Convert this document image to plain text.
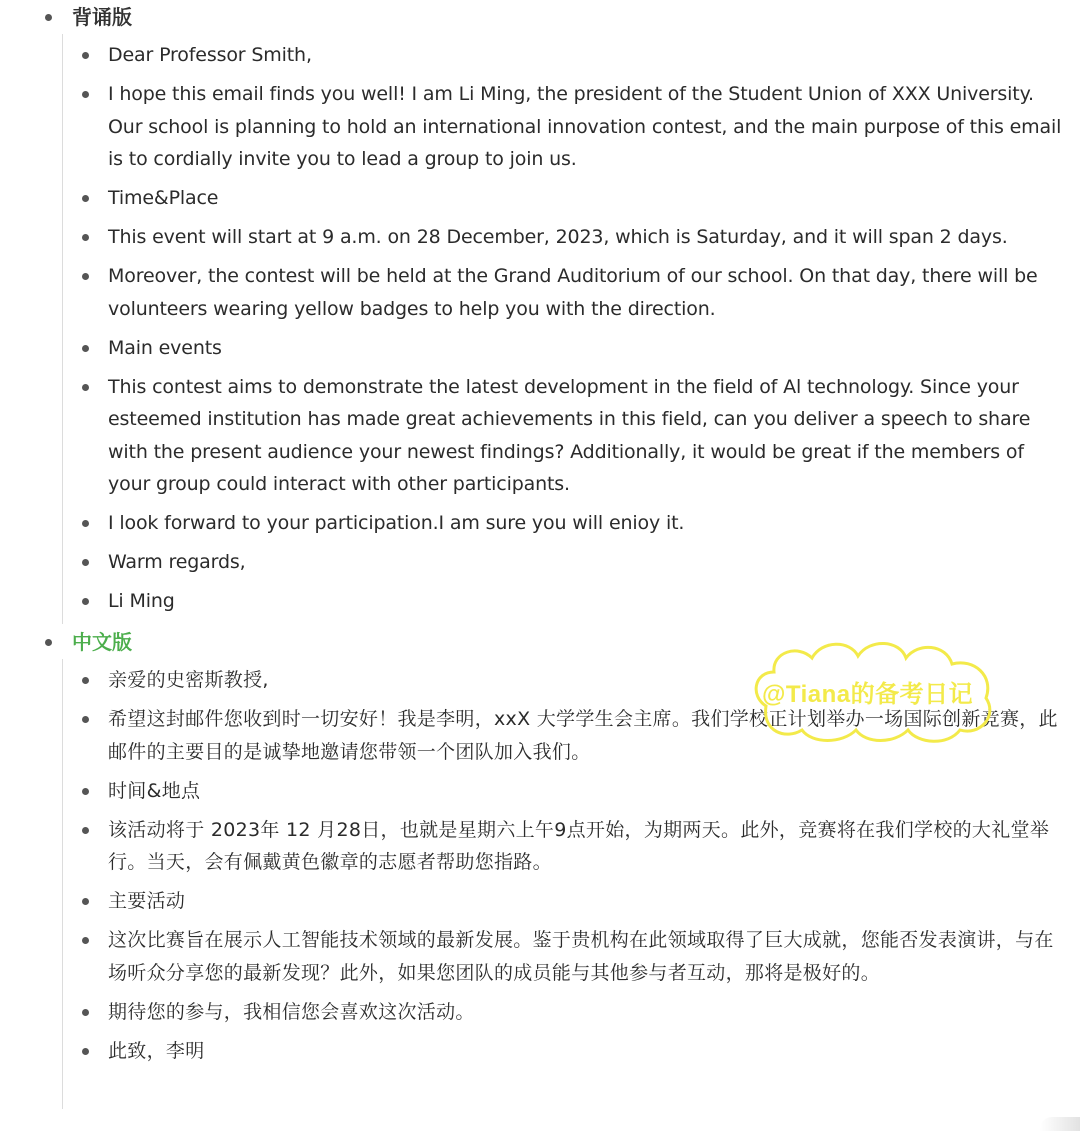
背诵版
Dear Professor Smith,
I hope this email finds you well! I am Li Ming, the president of the Student Union of XXX University. Our school is planning to hold an international innovation contest, and the main purpose of this email is to cordially invite you to lead a group to join us.
Time&Place
This event will start at 9 a.m. on 28 December, 2023, which is Saturday, and it will span 2 days.
Moreover, the contest will be held at the Grand Auditorium of our school. On that day, there will be volunteers wearing yellow badges to help you with the direction.
Main events
This contest aims to demonstrate the latest development in the field of Al technology. Since your esteemed institution has made great achievements in this field, can you deliver a speech to share with the present audience your newest findings? Additionally, it would be great if the members of your group could interact with other participants.
I look forward to your participation.I am sure you will enioy it.
Warm regards,
Li Ming
中文版
亲爱的史密斯教授,
希望这封邮件您收到时一切安好！我是李明，xxX 大学学生会主席。我们学校正计划举办一场国际创新竞赛，此邮件的主要目的是诚挚地邀请您带领一个团队加入我们。
时间&地点
该活动将于 2023年 12 月28日，也就是星期六上午9点开始，为期两天。此外，竞赛将在我们学校的大礼堂举行。当天，会有佩戴黄色徽章的志愿者帮助您指路。
主要活动
这次比赛旨在展示人工智能技术领域的最新发展。鉴于贵机构在此领域取得了巨大成就，您能否发表演讲，与在场听众分享您的最新发现？此外，如果您团队的成员能与其他参与者互动，那将是极好的。
期待您的参与，我相信您会喜欢这次活动。
此致，李明
@Tiana的备考日记
